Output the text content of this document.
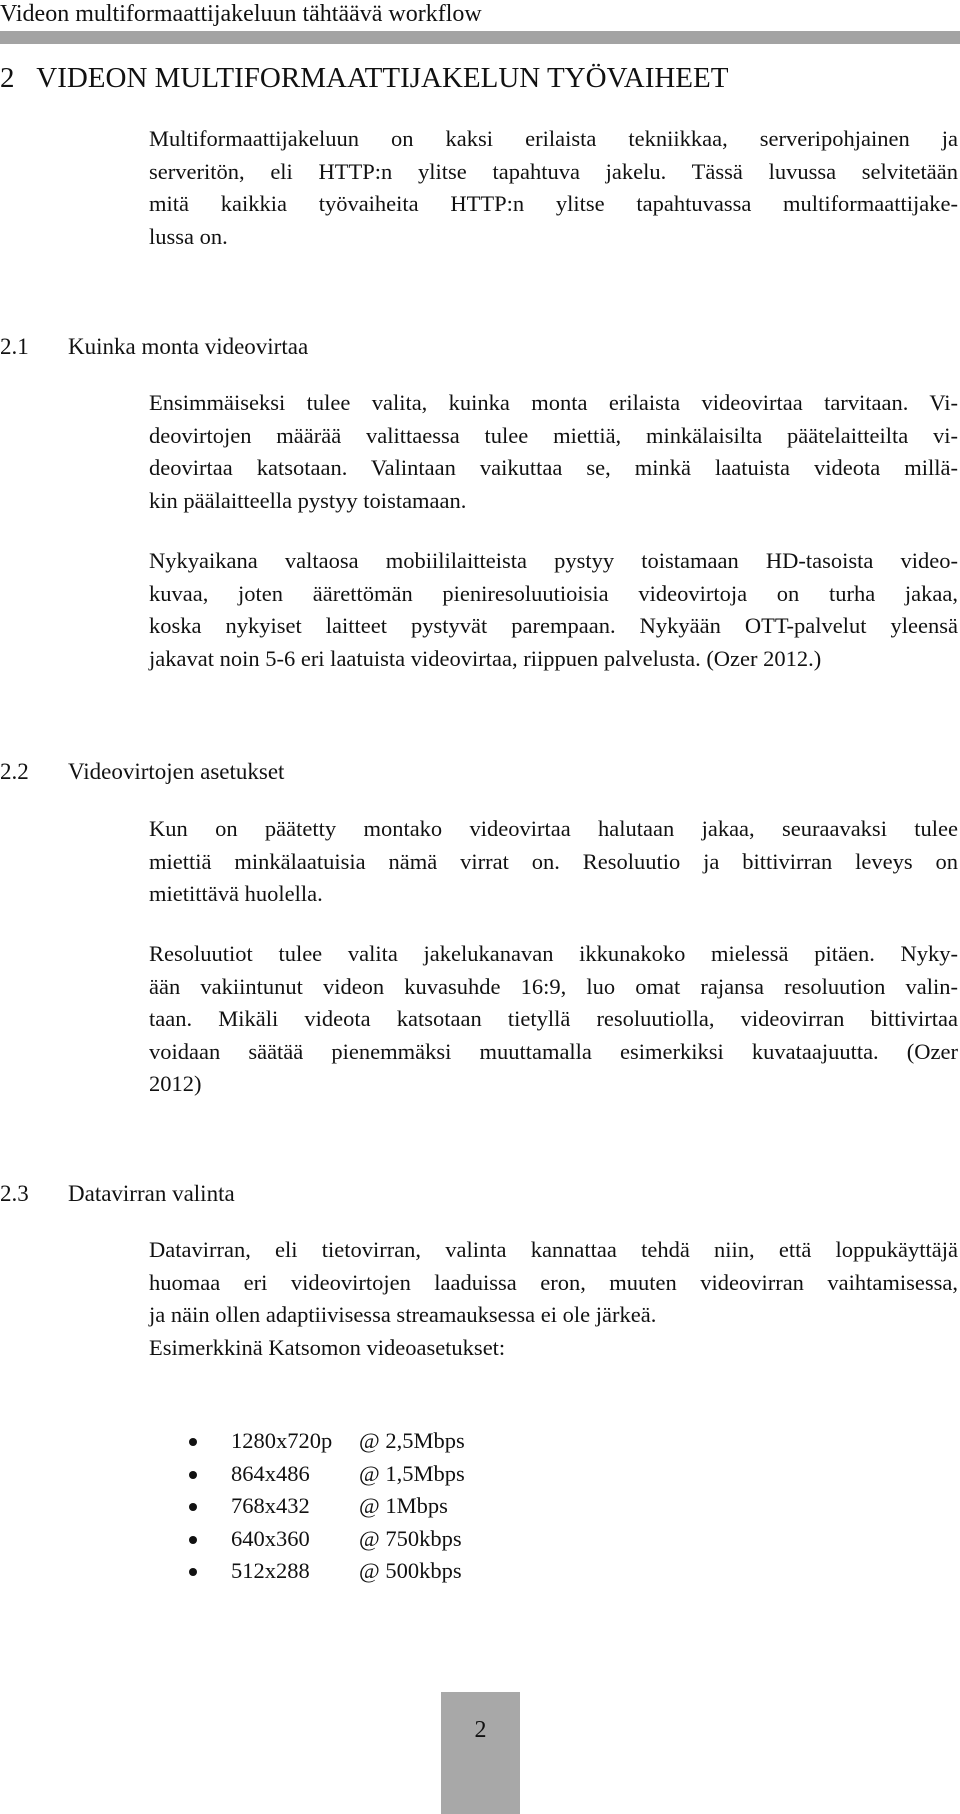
Videon multiformaattijakeluun tähtäävä workflow
2 VIDEON MULTIFORMAATTIJAKELUN TYÖVAIHEET
Multiformaattijakeluun on kaksi erilaista tekniikkaa, serveripohjainen ja
serveritön, eli HTTP:n ylitse tapahtuva jakelu. Tässä luvussa selvitetään
mitä kaikkia työvaiheita HTTP:n ylitse tapahtuvassa multiformaattijake-
lussa on.
2.1 Kuinka monta videovirtaa
Ensimmäiseksi tulee valita, kuinka monta erilaista videovirtaa tarvitaan. Vi-
deovirtojen määrää valittaessa tulee miettiä, minkälaisilta päätelaitteilta vi-
deovirtaa katsotaan. Valintaan vaikuttaa se, minkä laatuista videota millä-
kin päälaitteella pystyy toistamaan.
Nykyaikana valtaosa mobiililaitteista pystyy toistamaan HD-tasoista video-
kuvaa, joten äärettömän pieniresoluutioisia videovirtoja on turha jakaa,
koska nykyiset laitteet pystyvät parempaan. Nykyään OTT-palvelut yleensä
jakavat noin 5-6 eri laatuista videovirtaa, riippuen palvelusta. (Ozer 2012.)
2.2 Videovirtojen asetukset
Kun on päätetty montako videovirtaa halutaan jakaa, seuraavaksi tulee
miettiä minkälaatuisia nämä virrat on. Resoluutio ja bittivirran leveys on
mietittävä huolella.
Resoluutiot tulee valita jakelukanavan ikkunakoko mielessä pitäen. Nyky-
ään vakiintunut videon kuvasuhde 16:9, luo omat rajansa resoluution valin-
taan. Mikäli videota katsotaan tietyllä resoluutiolla, videovirran bittivirtaa
voidaan säätää pienemmäksi muuttamalla esimerkiksi kuvataajuutta. (Ozer
2012)
2.3 Datavirran valinta
Datavirran, eli tietovirran, valinta kannattaa tehdä niin, että loppukäyttäjä
huomaa eri videovirtojen laaduissa eron, muuten videovirran vaihtamisessa,
ja näin ollen adaptiivisessa streamauksessa ei ole järkeä.
Esimerkkinä Katsomon videoasetukset:
1280x720p @ 2,5Mbps
864x486 @ 1,5Mbps
768x432 @ 1Mbps
640x360 @ 750kbps
512x288 @ 500kbps
2
